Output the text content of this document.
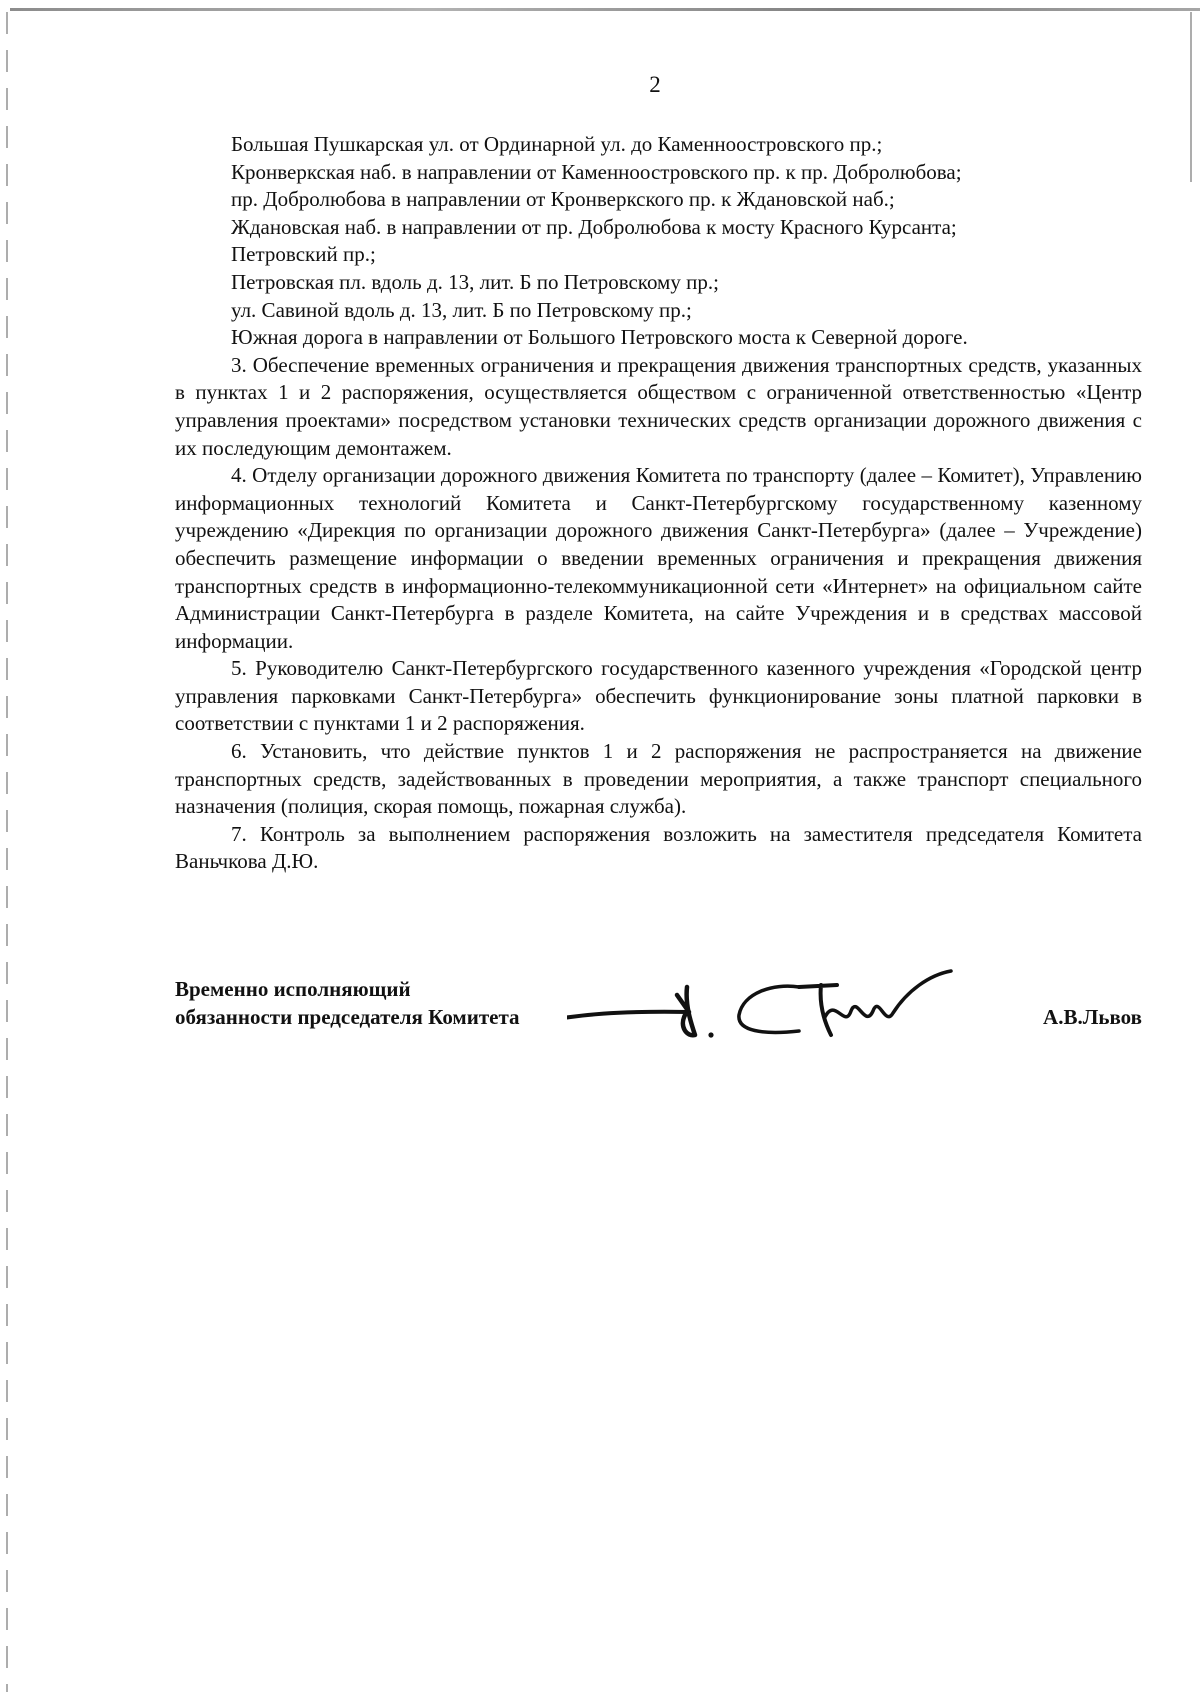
2
Большая Пушкарская ул. от Ординарной ул. до Каменноостровского пр.;
Кронверкская наб. в направлении от Каменноостровского пр. к пр. Добролюбова;
пр. Добролюбова в направлении от Кронверкского пр. к Ждановской наб.;
Ждановская наб. в направлении от пр. Добролюбова к мосту Красного Курсанта;
Петровский пр.;
Петровская пл. вдоль д. 13, лит. Б по Петровскому пр.;
ул. Савиной вдоль д. 13, лит. Б по Петровскому пр.;
Южная дорога в направлении от Большого Петровского моста к Северной дороге.
3. Обеспечение временных ограничения и прекращения движения транспортных средств, указанных в пунктах 1 и 2 распоряжения, осуществляется обществом с ограниченной ответственностью «Центр управления проектами» посредством установки технических средств организации дорожного движения с их последующим демонтажем.
4. Отделу организации дорожного движения Комитета по транспорту (далее – Комитет), Управлению информационных технологий Комитета и Санкт-Петербургскому государственному казенному учреждению «Дирекция по организации дорожного движения Санкт-Петербурга» (далее – Учреждение) обеспечить размещение информации о введении временных ограничения и прекращения движения транспортных средств в информационно-телекоммуникационной сети «Интернет» на официальном сайте Администрации Санкт-Петербурга в разделе Комитета, на сайте Учреждения и в средствах массовой информации.
5. Руководителю Санкт-Петербургского государственного казенного учреждения «Городской центр управления парковками Санкт-Петербурга» обеспечить функционирование зоны платной парковки в соответствии с пунктами 1 и 2 распоряжения.
6. Установить, что действие пунктов 1 и 2 распоряжения не распространяется на движение транспортных средств, задействованных в проведении мероприятия, а также транспорт специального назначения (полиция, скорая помощь, пожарная служба).
7. Контроль за выполнением распоряжения возложить на заместителя председателя Комитета Ваньчкова Д.Ю.
Временно исполняющий
обязанности председателя Комитета	А.В.Львов
